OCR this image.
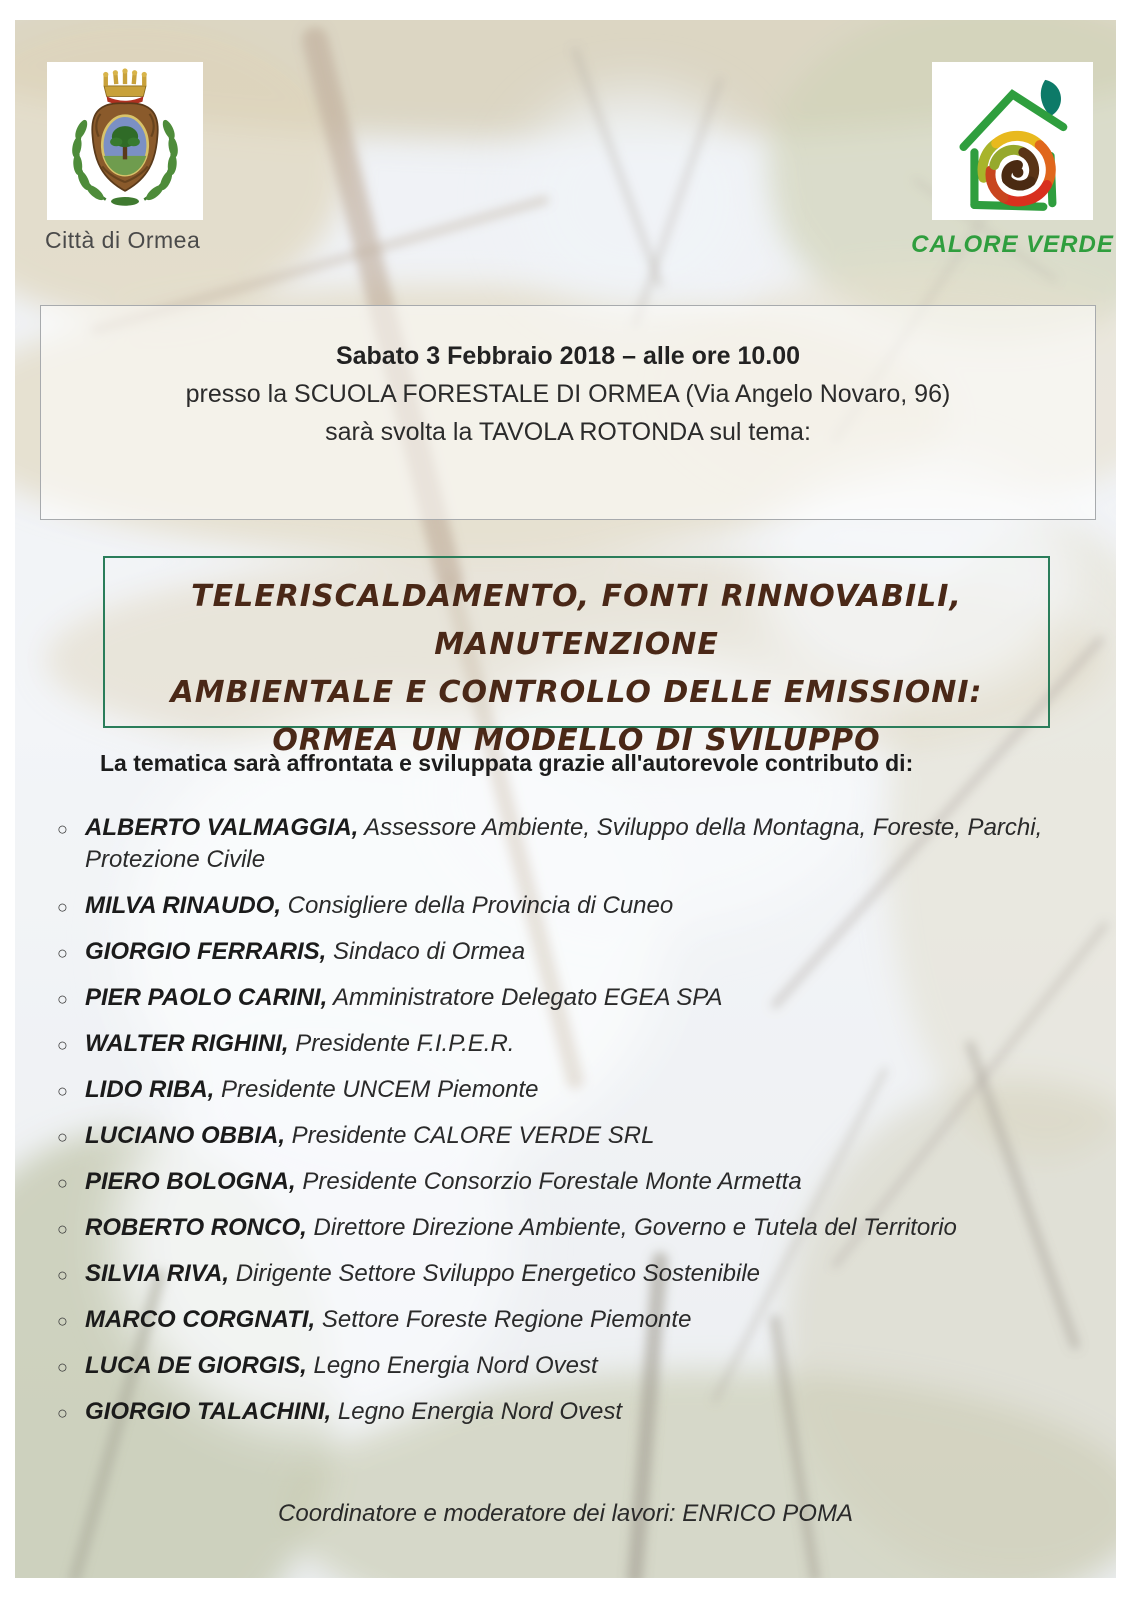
Città di Ormea	CALORE VERDE
Sabato 3 Febbraio 2018 – alle ore 10.00
presso la SCUOLA FORESTALE DI ORMEA (Via Angelo Novaro, 96)
sarà svolta la TAVOLA ROTONDA sul tema:
TELERISCALDAMENTO, FONTI RINNOVABILI, MANUTENZIONE
AMBIENTALE E CONTROLLO DELLE EMISSIONI:
ORMEA UN MODELLO DI SVILUPPO
La tematica sarà affrontata e sviluppata grazie all'autorevole contributo di:
○ ALBERTO VALMAGGIA, Assessore Ambiente, Sviluppo della Montagna, Foreste, Parchi, Protezione Civile
○ MILVA RINAUDO, Consigliere della Provincia di Cuneo
○ GIORGIO FERRARIS, Sindaco di Ormea
○ PIER PAOLO CARINI, Amministratore Delegato EGEA SPA
○ WALTER RIGHINI, Presidente F.I.P.E.R.
○ LIDO RIBA, Presidente UNCEM Piemonte
○ LUCIANO OBBIA, Presidente CALORE VERDE SRL
○ PIERO BOLOGNA, Presidente Consorzio Forestale Monte Armetta
○ ROBERTO RONCO, Direttore Direzione Ambiente, Governo e Tutela del Territorio
○ SILVIA RIVA, Dirigente Settore Sviluppo Energetico Sostenibile
○ MARCO CORGNATI, Settore Foreste Regione Piemonte
○ LUCA DE GIORGIS, Legno Energia Nord Ovest
○ GIORGIO TALACHINI, Legno Energia Nord Ovest
Coordinatore e moderatore dei lavori: ENRICO POMA
